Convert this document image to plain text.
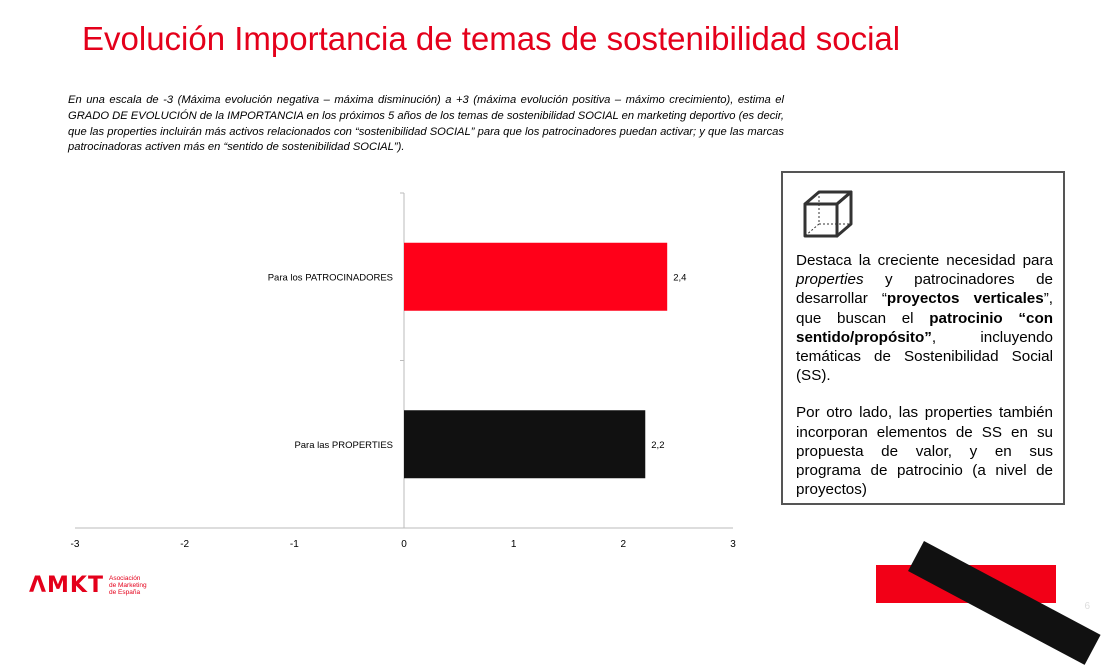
Evolución Importancia de temas de sostenibilidad social

En una escala de -3 (Máxima evolución negativa – máxima disminución) a +3 (máxima evolución positiva – máximo crecimiento), estima el GRADO DE EVOLUCIÓN de la IMPORTANCIA en los próximos 5 años de los temas de sostenibilidad SOCIAL en marketing deportivo (es decir, que las properties incluirán más activos relacionados con “sostenibilidad SOCIAL” para que los patrocinadores puedan activar; y que las marcas patrocinadoras activen más en “sentido de sostenibilidad SOCIAL”).

-3	-2	-1	0	1	2	3
Para los PATROCINADORES	2,4
Para las PROPERTIES	2,2

Destaca la creciente necesidad para properties y patrocinadores de desarrollar “proyectos verticales”, que buscan el patrocinio “con sentido/propósito”, incluyendo temáticas de Sostenibilidad Social (SS).

Por otro lado, las properties también incorporan elementos de SS en su propuesta de valor, y en sus programa de patrocinio (a nivel de proyectos)

ΛMKT Asociación
de Marketing
de España
6
